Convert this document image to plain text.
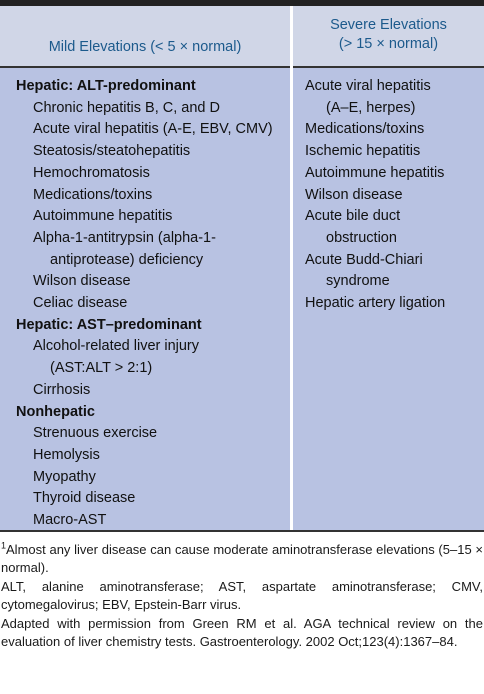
Mild Elevations (< 5 × normal)
Hepatic: ALT-predominant
Chronic hepatitis B, C, and D
Acute viral hepatitis (A-E, EBV, CMV)
Steatosis/steatohepatitis
Hemochromatosis
Medications/toxins
Autoimmune hepatitis
Alpha-1-antitrypsin (alpha-1-
antiprotease) deficiency
Wilson disease
Celiac disease
Hepatic: AST–predominant
Alcohol-related liver injury
(AST:ALT > 2:1)
Cirrhosis
Nonhepatic
Strenuous exercise
Hemolysis
Myopathy
Thyroid disease
Macro-AST
Severe Elevations
(> 15 × normal)
Acute viral hepatitis
(A–E, herpes)
Medications/toxins
Ischemic hepatitis
Autoimmune hepatitis
Wilson disease
Acute bile duct
obstruction
Acute Budd-Chiari
syndrome
Hepatic artery ligation

$^1$Almost any liver disease can cause moderate aminotransferase elevations (5–15 × normal).

ALT, alanine aminotransferase; AST, aspartate aminotransferase; CMV, cytomegalovirus; EBV, Epstein-Barr virus.

Adapted with permission from Green RM et al. AGA technical review on the evaluation of liver chemistry tests. Gastroenterology. 2002 Oct;123(4):1367–84.
